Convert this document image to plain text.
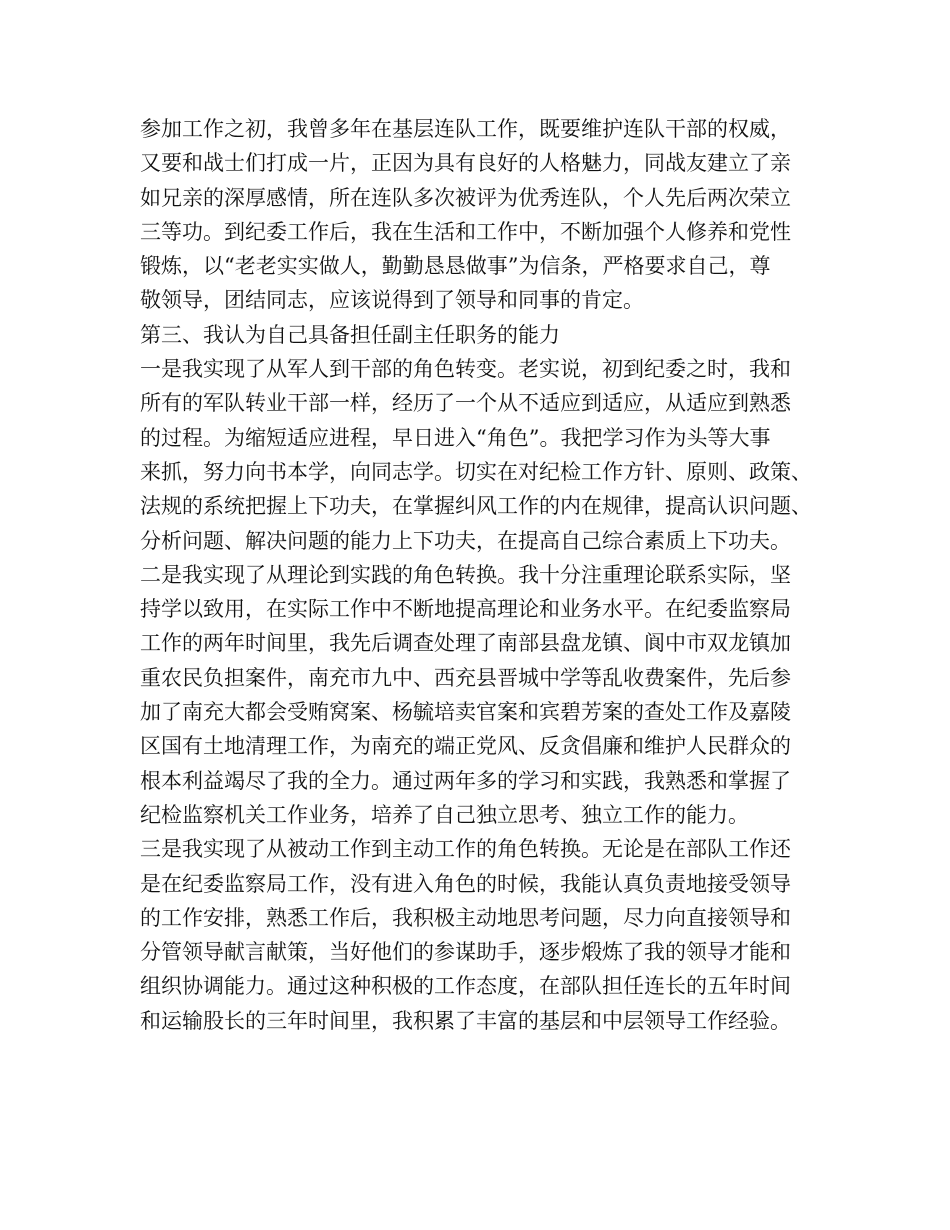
参加工作之初，我曾多年在基层连队工作，既要维护连队干部的权威，
又要和战士们打成一片，正因为具有良好的人格魅力，同战友建立了亲
如兄亲的深厚感情，所在连队多次被评为优秀连队，个人先后两次荣立
三等功。到纪委工作后，我在生活和工作中，不断加强个人修养和党性
锻炼，以“老老实实做人，勤勤恳恳做事”为信条，严格要求自己，尊
敬领导，团结同志，应该说得到了领导和同事的肯定。
第三、我认为自己具备担任副主任职务的能力
一是我实现了从军人到干部的角色转变。老实说，初到纪委之时，我和
所有的军队转业干部一样，经历了一个从不适应到适应，从适应到熟悉
的过程。为缩短适应进程，早日进入“角色”。我把学习作为头等大事
来抓，努力向书本学，向同志学。切实在对纪检工作方针、原则、政策、
法规的系统把握上下功夫，在掌握纠风工作的内在规律，提高认识问题、
分析问题、解决问题的能力上下功夫，在提高自己综合素质上下功夫。
二是我实现了从理论到实践的角色转换。我十分注重理论联系实际，坚
持学以致用，在实际工作中不断地提高理论和业务水平。在纪委监察局
工作的两年时间里，我先后调查处理了南部县盘龙镇、阆中市双龙镇加
重农民负担案件，南充市九中、西充县晋城中学等乱收费案件，先后参
加了南充大都会受贿窝案、杨毓培卖官案和宾碧芳案的查处工作及嘉陵
区国有土地清理工作，为南充的端正党风、反贪倡廉和维护人民群众的
根本利益竭尽了我的全力。通过两年多的学习和实践，我熟悉和掌握了
纪检监察机关工作业务，培养了自己独立思考、独立工作的能力。
三是我实现了从被动工作到主动工作的角色转换。无论是在部队工作还
是在纪委监察局工作，没有进入角色的时候，我能认真负责地接受领导
的工作安排，熟悉工作后，我积极主动地思考问题，尽力向直接领导和
分管领导献言献策，当好他们的参谋助手，逐步煅炼了我的领导才能和
组织协调能力。通过这种积极的工作态度，在部队担任连长的五年时间
和运输股长的三年时间里，我积累了丰富的基层和中层领导工作经验。
